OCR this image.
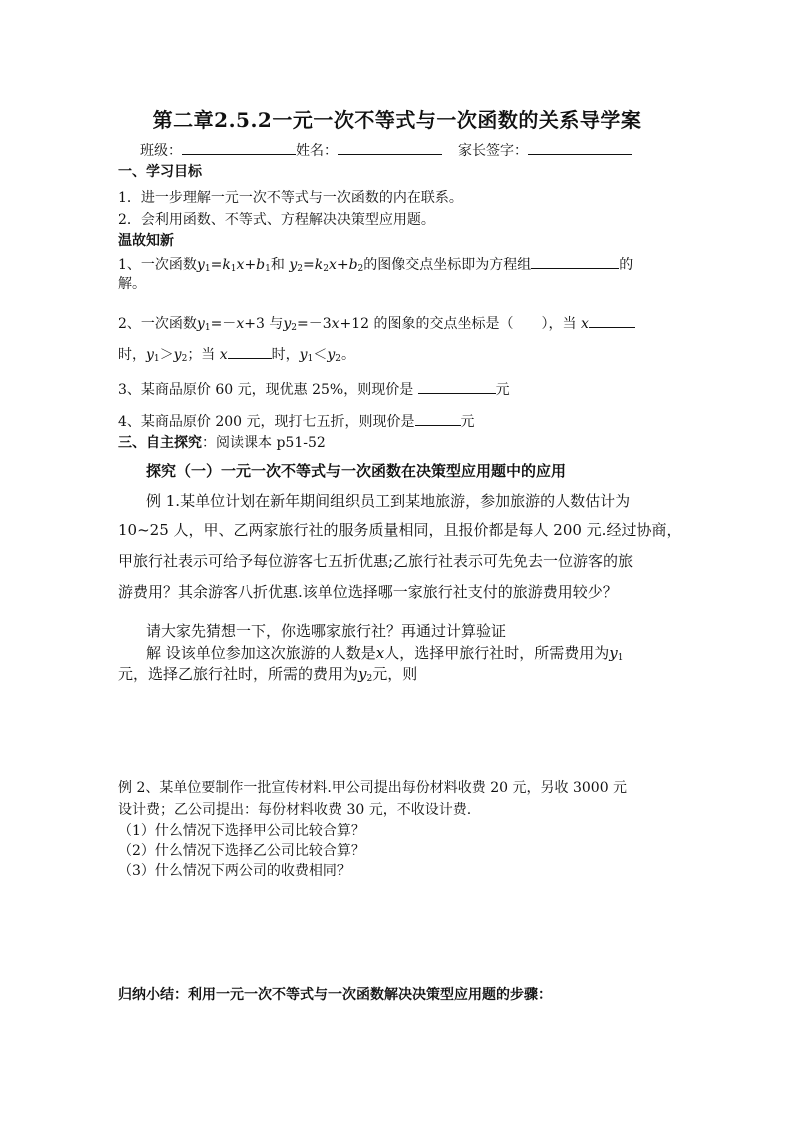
第二章2.5.2一元一次不等式与一次函数的关系导学案
班级：	姓名：	家长签字：
一、学习目标
1．进一步理解一元一次不等式与一次函数的内在联系。
2．会利用函数、不等式、方程解决决策型应用题。
温故知新
1、一次函数$y_1=k_1x+b_1$和 $y_2=k_2x+b_2$的图像交点坐标即为方程组	的
解。
2、一次函数$y_1=-x+3$ 与$y_2=-3x+12$ 的图象的交点坐标是（　　），当 x
时，$y_1>y_2$；当 x	时，$y_1<y_2$。
3、某商品原价 60 元，现优惠 25%，则现价是	元
4、某商品原价 200 元，现打七五折，则现价是	元
三、自主探究：阅读课本 p51-52
探究（一）一元一次不等式与一次函数在决策型应用题中的应用
例 1.某单位计划在新年期间组织员工到某地旅游，参加旅游的人数估计为
10~25 人，甲、乙两家旅行社的服务质量相同，且报价都是每人 200 元.经过协商，
甲旅行社表示可给予每位游客七五折优惠;乙旅行社表示可先免去一位游客的旅
游费用？其余游客八折优惠.该单位选择哪一家旅行社支付的旅游费用较少？
请大家先猜想一下，你选哪家旅行社？再通过计算验证
解 设该单位参加这次旅游的人数是x人，选择甲旅行社时，所需费用为$y_1$
元，选择乙旅行社时，所需的费用为$y_2$元，则
例 2、某单位要制作一批宣传材料.甲公司提出每份材料收费 20 元，另收 3000 元
设计费；乙公司提出：每份材料收费 30 元，不收设计费.
（1）什么情况下选择甲公司比较合算？
（2）什么情况下选择乙公司比较合算？
（3）什么情况下两公司的收费相同？
归纳小结：利用一元一次不等式与一次函数解决决策型应用题的步骤：
